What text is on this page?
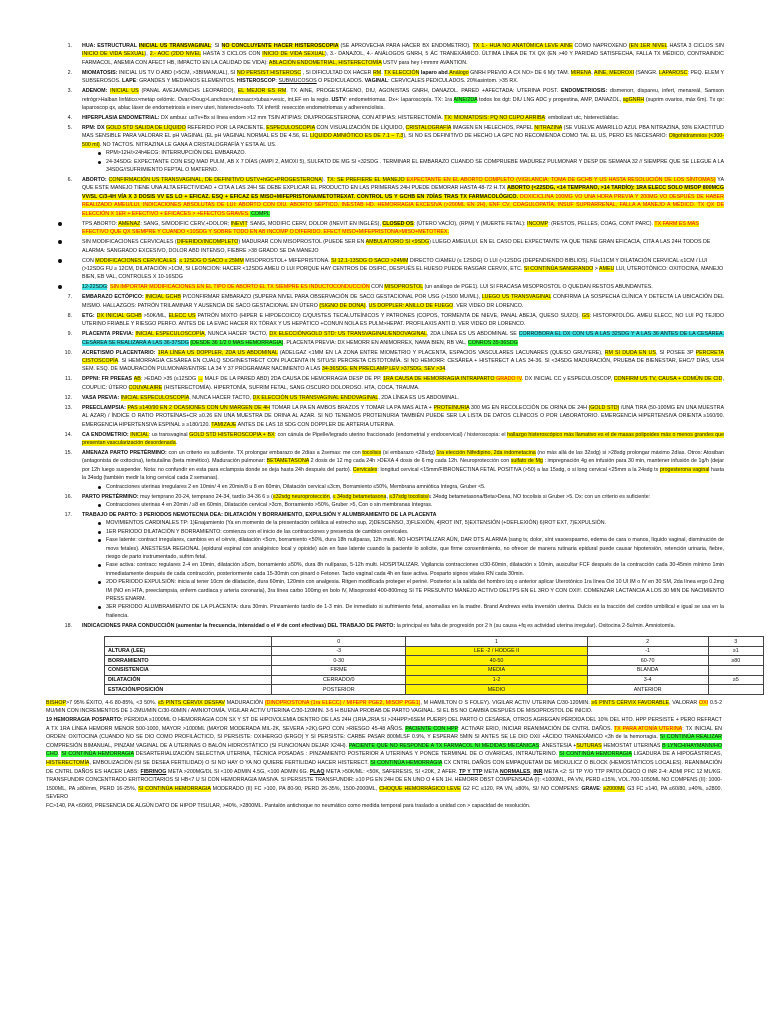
1. HUA: ESTRUCTURAL INICIAL US TRANSVAGINAL; SI NO CONCLUYENTE HACER HISTEROSCOPIA (SE APROVECHA PARA HACER BX ENDOMETRIO). TX 1.- HUA NO ANATÓMICA LEVE AINE COMO NAPROXENO (EN 1ER NIVEL HASTA 3 CICLOS SIN INICIO DE VIDA SEXUAL), 2.- AOC (2DO NIVEL HASTA 3 CICLOS CON INICIO DE VIDA SEXUAL), 3.- DANAZOL, 4.- ANÁLOGOS GNRH, 5 ÁC TRANEXÁMICO. ÚLTIMA LÍNEA DE TX QX (EN >40 Y PARIDAD SATISFECHA, FALLA TX MÉDICO, CONTRAINDIC FARMACOL, ANEMIA CON AFECT HB, IMPACTO EN LA CALIDAD DE VIDA): ABLACIÓN ENDOMETRIAL, HISTERECTOMÍA USTV para hey l-mmmr AVANTION.
2. MIOMATOSIS: INICIAL US TV O ABD (>5CM, >3BIMANUAL), SI NO PERSIST HISTEROSC , SI DIFICULTAD DX HACER RM. TX ELECCIÓN laparo abdAnálogo GNRH PREVIO A CX NO> DE 6 M)/ TAM. MIRENA, AINE, MEDROXI (SANGR. LAPAROSC: PEQ. ELEM Y SUBSEROSOS. LAPE: GRANDES Y MEDIANOS ELEMENTOS. HISTEROSCOP: SUBMUCOSOS O PEDICULADOS. VAGINAL: CERVICALES PEDICULADOS. 20%asintom. >35 RX.
3. ADENOM: INICIAL US (PANAL AVEJA/MNCHS LEOPARDO), EL MEJOR ES RM. TX AINE, PROGESTÁGENO, DIU, AGONISTAS GNRH, DANAZOL. PARED +AFECTADA: UTERINA POST. ENDOMETRIOSIS: dismenorr, dispareu, infert, menareál, Samson retrógr>Halban linfático>metap celómic. Ovar>Doug>Lanchos>uterosacr>tubas>vesic, int,EF en la regio. USTV: endometriomas. Dx+: laparoscopía. TX: 1ra AINE/2DA todos los dgt: DIU LNG ADC y progestina, AMP, DANAZOL, agGNRH (suprim ovarios, máx 6m). Tx qx: laparoscop qx, ablac láser de endometriosis e inerv uteri, histerecto+oofo. TX infertil: resección endometriomas y adherenciolisis.
4. HIPERPLASIA ENDOMETRIAL: DX ambuu: usTv+Bx si línea endom >12 mm TSIN ATIPIAS: DIU/PROGESTERONA, CON ATIPIAS: HISTERECTOMÍA. TX: MIOMATOSIS: PQ NO CUPO ARRIBA: embolizart utc, histerect/ablac.
5. RPM: DX GOLD STD SALIDA DE LÍQUIDO REFERIDO POR LA PACIENTE, ESPECULOSCOPIA CON VISUALIZACIÓN DE LÍQUIDO, CRISTALOGRAFÍA IMAGEN EN HELECHOS, PAPEL NITRAZINA (SE VUELVE AMARILLO AZUL PBA NITRAZINA, 93% EXACTITUD MAS SENSIBLE PARA VALORAR EL pH VAGINAL (EL pH VAGINAL NORMAL ES DE 4.56, EL LÍQUIDO AMNIÓTICO ES DE 7.1 – 7.3), SI NO ES DEFINITIVO DE HECHO LA GPC NO RECOMIENDA COMO TAL EL US, PERO ES NECESARIO: Oligohidramnios (<300-500 ml). NO TACTOS. NITRAZINA LE GANA A CRISTALOGRAFÍA Y ESTA AL US.
RPM>12H/>24h4ECG: INTERRUPCIÓN DEL EMBARAZO.
24-34SDG: EXPECTANTE CON ESQ MAD PULM, AB X 7 DÍAS (AMPI 2, AMOXI 5), SULFATO DE MG SI <32SDG . TERMINAR EL EMBARAZO CUANDO SE COMPRUEBE MADUREZ PULMONAR Y DESP DE SEMANA 32 // SIEMPRE QUE SE LLEGUE A LA 34SDG//SUFRIMIENTO FEPTAL O MATERNO.
6. ABORTO: CONFIRMACIÓN US TRANSVAGINAL, DE DEFINITIVO USTV+hGC+PROGESTERONA). TX: SE PREFIERE EL MANEJO EXPECTANTE EN EL ABORTO COMPLETO (VIGILANCIA: TOMA DE GCHB Y US HASTA RESOLUCIÓN DE LOS SÍNTOMAS) YA QUE ESTE MANEJO TIENE UNA ALTA EFECTIVIDAD + CITA A LAS 24H SE DEBE EXPLICAR EL PRODUCTO EN LAS PRIMERAS 24H PUEDE DEMORAR HASTA 48-72 H.TX ABORTO (<22SDG, <14 TEMPRANO, >14 TARDÍO): 1RA ELECC SOLO MISOP 800MCG VV/SL C/3-4H VÍA X 3 DOSIS VV ES LO + EFICAZ. ESQ + EFICAZ ES MISO+MIFEPRISTONA/METOTREXAT. CONTROL US Y GCHB EN 7DÍAS TRAS TX FARMACOLÓGICO. DOXICICLINA 100MG VO UNA HORA PREVIA Y 200MG VO DESPUÉS DE HABER REALIZADO AMEU/LUI. INDICACIONES ABSOLUTAS DE LUI: ABORTO CON DIU. ABORTO SÉPTICO, INESTAB HD. HEMORRAGIA EXCESIVA (>200ML EN 2H), ENF CV, COAGULOPATÍA, INSUF SUPRARRENAL, FALLA A MANEJO A MÉDICO. TX QX DE ELECCIÓN X 1ER + EFECTIVO + EFICACES > +EFECTOS GRAVES. COMPL
TPS ABORTO: AMENAZ: SANG, S/MODIFIC CERV,+DOLOR; INEVIT: SANG, MODIFIC CERV, DOLOR (INEVIT EN INGLÉS), CLOSED OS: (ÚTERO VACÍO), (RPM) Y (MUERTE FETAL): INCOMP: (RESTOS, PELLES, COAG, CONT PARC). TX FARM ES MAS EFECTIVO QUE QX SIEMPRE Y CUANDO <10SDG Y SOBRE TODO EN AB INCOMP O DIFERIDO. EFECT MISO+MIFEPRISTONA>MISO+METOTREX.
SIN MODIFICACIONES CERVICALES (DIFERIDO/INCOMPLETO) MADURAR CON MISOPROSTOL (PUEDE SER EN AMBULATORIO SI <9SDG) LUEGO AMEU/LUI. EN EL CASO DEL EXPECTANTE YA QUE TIENE GRAN EFICACIA, CITA A LAS 24H TODOS DE ALARMA: SANGRADO EXCESIVO, DOLOR ABD INTENSO, FIEBRE >38 GRADO SE DA MANEJO
CON MODIFICACIONES CERVICALES: ≤ 12SDG O SACO ≤ 25MM MISOPROSTOL+ MIFEPRISTONA. SI 12.1-13SDG O SACO >24MM DIRECTO C/AMEU (≤ 12SDG) O LUI (>12SDG (DEPENDIENDO BIBLIOS). FU≤11CM Y DILATACIÓN CERVICAL ≤1CM / LUI (>12SDG FU ≥ 12CM, DILATACIÓN >1CM, SI LEONCION: HACER <12SDG AMEU O LUI PORQUE HAY CENTROS DE OSIFIC, DESPUÉS EL HUESO PUEDE RASGAR CERVIX, ETC. SI CONTINÚA SANGRANDO > AMEU LUI, UTEROTÓNICO: OXITOCINA, MANEJO BIEN, EB VAL, CONTROLES X 10-16SDG
12-22SDG: SIN IMPORTAR MODIFICACIONES EN EL TIPO DE ABORTO EL TX SIEMPRE ES INDUCTOCONDUCCIÓN CON MISOPROSTOL (un análogo de PGE1). LUI SI FRACASA MISOPROSTOL O QUEDAN RESTOS ABUNDANTES.
7. EMBARAZO ECTÓPICO: INICIAL GCHB P/CONFIRMAR EMBARAZO (SUPERA NIVEL PARA OBSERVACIÓN DE SACO GESTACIONAL POR USG (>1500 MU/ML), LUEGO US TRANSVAGINAL CONFIRMA LA SOSPECHA CLÍNICA Y DETECTA LA UBICACIÓN DEL MISMO. HALLAZGOS: PATRÓN TRILAMINAR Y AUSENCIA DE SACO GESTACIONAL EN ÚTERO (SIGNO DE DONA). US DOPPLER: ANILLO DE FUEGO. VER VIDEO DR LORENCO.
8. ETG: DX INICIAL GCHB >50K/ML, ELECC US PATRÓN MIXTO (HIPER E HIPOECOICO) C/QUISTES TECALUTEÍNICOS Y PATRONES (COPOS, TORMENTA DE NIEVE, PANAL ABEJA, QUESO SUIZO). GS: HISTOPATOLÓG. AMEU ELECC, NO LUI PQ TEJIDO UTERINO FRIABLE Y RIESGO PERFO. ANTES DE LA EVAC HACER RX TÓRAX Y US HEPÁTICO +CONUN NOLA ES PULM>HEPAT. PROFILAXIS ANTI D. VER VIDEO DR LORENCO.
9. PLACENTA PREVIA: INICIAL ESPECULOSCOPÍA, NUNCA HACER TACTO, DX ELECCIÓN/GOLD STD: US TRANSVAGINAL/ENDOVAGINAL, 2DA LÍNEA ES US ABDOMINAL SE CORROBORA EL DX CON US A LAS 32SDG Y A LAS 36 ANTES DE LA CESÁREA. CESÁREA SE REALIZARÁ A LAS 36-37SDG (DESDE 36 1/2 0 MAS HEMORRAGIA). PLACENTA PREVIA: DX HEMORR EN ANIMORREX, NAMA BIEN, RB VAL, CONROS 35-36SDG
10. ACRETISMO PLACENTARIO: 1RA LÍNEA US DOPPLER, 2DA US ABDOMINAL (ADELGAZ <1MM EN LA ZONA ENTRE MIOMETRIO Y PLACENTA, ESPACIOS VASCULARES LACUNARES (QUESO GRUYERE), RM SI DUDA EN US, SI POSEE 3P PERCRETA CISTOSCOPÍA. SI HEMORRAGIA CESÁREA EN CUALQ SDG/INESTRECT CON PLACENTA IN SITU/SI PERCRETA CISTOTOMÍA. SI NO HEMORR: CESÁREA + HISTERECT A LAS 34-36. SI <34SDG MADURACIÓN, PRUEBA DE BIENESTAR, EHC/7 DÍAS, US/4 SEM. ESQ. DE MADURACIÓN PULMONAR/ENTRE LA 34 Y 37 PROGRAMAR NACIMIENTO A LAS 34-36SDG. EN PRECLAMP LEV >37SDG, SEV >34.
11. DPPNI: FR PREEAS AB: >EDAD >35 (≤12SDG → MALF DE LA PARED ABD) 2DA CAUSA DE HEMORRAGIA DESP DE PP. 1RA CAUSA DE HEMORRAGIA INTRAPARTO GRADO IV. DX INICIAL CC y ESPECULOSCOP, CONFIRM US TV, CAUSA + COMÚN DE CID, COUPLIC: ÚTERO COUVALAIRE (HISTERECTOMÍA). HIPERTONÍA, SUFRIM FETAL, SANG OSCURO DOLOROSO. HTA, COCA, TRAUMA.
12. VASA PREVIA: INICIAL ESPECULOSCOPÍA, NUNCA HACER TACTO, DX ELECCIÓN US TRANSVAGINAL ENDOVAGINAL, 2DA LÍNEA ES US ABDOMINAL.
13. PREECLAMPSIA: PAS ≥140/90 EN 2 OCASIONES CON UN MARGEN DE 4H TOMAR LA PA EN AMBOS BRAZOS Y TOMAR LA PA MAS ALTA + PROTEINURIA 300 MG EN RECOLECCIÓN DE ORINA DE 24H (GOLD STD) /UNA TIRA (50-100MG EN UNA MUESTRA AL AZAR) / ÍNDICE O RATIO PROTEÍNAS+CR ≥0.26 EN UNA MUESTRA DE ORINA AL AZAR. SI NO TENEMOS PROTEINURIA TAMBIÉN PUEDE SER LA LISTA DE DATOS CLÍNICOS O POR LABORATORIO. EMERGENCIA HIPERTENSIVA ORIENTA ≥160/90. EMERGENCIA HIPERTENSIVA ESPINAL ≥ ≥180/120. TAMIZAJE ANTES DE LAS 18 SDG CON DOPPLER DE ARTERIA UTERINA.
14. CA ENDOMETRIO: INICIAL: us transvaginal GOLD STD HISTEROSCOPIA + BX: con cánula de Pipelle/legrado uterino fraccionado (endometrial y endocervical) / histeroscopia: el hallazgo histeroscópico más llamativo es el de masas polipoides más o menos grandes que presentan vascularización desordenada.
15. AMENAZA PARTO PRETÉRMINO: con un criterio es suficiente. TX prolongar embarazo de 2días a 2semas: me con tocolisis (si embarazo <28sdg) 1ra elección Nifedipino, 2da indometacina (no más allá de las 32sdg) si >28sdg prolongar máximo 2días. Otros: Atosiban (antagonista de oxitocina), terbutalina (beta mimético). Maduración pulmonar: BETAMETASONA 2 dosis de 12 mg cada 24h >DEXA 4 dosis de 6 mg cada 12h. Neuroprotección con sulfato de Mg : impregnación 4g en infusión para 30 min, mantener infusión de 1g/h (dejar por 12h luego suspender. Nota: no confundir en esta para eclampsia donde se deja hasta 24h después del parto). Cervicales: longitud cervical <15mm/FIBRONECTINA FETAL POSITIVA (>50) a las 15sdg, o si long cervical <25mm a la 24sdg tx progesterona vaginal hasta la 34sdg (también medir la long cervical cada 2 semanas).
Contracciones uterinas irregulares 2 en 10min/ 4 en 20min/8 u 8 en 60min, Dilatación cervical ≤3cm, Borramiento ≤50%, Membrana amniótica íntegra, Gruber <5.
16. PARTO PRETÉRMINO: muy temprano 20-24, temprano 24-34, tardío 34-36 6 ≥ (≤32sdg neuroprotección, ≤ 34sdg betametasona, ≤37sdg tocolisis/≤ 34sdg betametasona/Beta>Dexa, NO tocolisis si Gruber >5. Dx: con un criterio es suficiente:
Contracciones uterinas 4 en 20min / ≥8 en 60min, Dilatación cervical >3cm, Borramiento >50%, Gruber >5, Con o sin membranas íntegras.
17. TRABAJO DE PARTO: 3 PERIODOS NEMOTECNIA DEA: DILATACIÓN Y BORRAMIENTO, EXPULSIÓN Y ALUMBRAMIENTO DE LA PLACENTA
MOVIMIENTOS CARDINALES TP: 1)Enajamiento (Ya en momento de la presentación cefálica al estrecho sup, 2)DESCENSO, 3)FLEXIÓN, 4)ROT INT, 5)EXTENSIÓN (+DEFLEXIÓN) 6)ROT EXT, 7)EXPULSIÓN.
1ER PERIODO DILATACIÓN Y BORRAMIENTO: comienza con el inicio de las contracciones y presencia de cambios cervicales.
Fase latente: contract irregulares, cambios en el cérvix, dilatación <5cm, borramiento <50%, dura 18h nulíparas, 12h multi. NO HOSPITALIZAR AÚN, DAR DTS ALARMA (sang tv, dolor, sínt vasoespasmo, edema de cara o manos, líquido vaginal, disminución de movs fetales). ANESTESIA REGIONAL (epidural espinal con analgésico local y opioide) aún en fase latente cuando la paciente lo solicite, que firme consentimiento, no ofrecer de manera rutinaria epidural puede causar hipotensión, retención urinaria, fiebre, riesgo de parto instrumentado, sufrim fetal.
Fase activa: contracc regulares 2-4 en 10min, dilatación ≥5cm, borramiento ≥50%, dura 8h nulíparas, 5-12h multi. HOSPITALIZAR. Vigilancia contracciones c/30-60min, dilatación x 10min, auscultar FCF después de la contracción cada 30-45min mínimo 1min inmediatamente después de cada contracción, posteriormente cada 15-30min con pinard o Fetoner. Tacto vaginal cada 4h en fase activa. Posparto signos vitales RN cada 30min.
2DO PERIODO EXPULSIÓN: inicia al tener 10cm de dilatación, dura 60min, 120min con analgesia. Ritgen modificada proteger el periné. Posterior a la salida del hombro izq o anterior aplicar Uterotónico 1ra línea Oxi 10 UI IM o IV en 30 SM, 2da línea ergo 0.2mg IM (NO en HTA, preeclampsia, enferm cardiaca y arteria coronaria), 3ra línea carbo 100mg en bolo IV, Misoprostol 400-800mcg SI TE PRESUNTO MANEJO ACTIVO DELTPS EN EL 3RO Y CON OXI!!. COMENZAR LACTANCIA A LOS 30 MIN DE NACIMIENTO PRESS ENARM.
3ER PERIODO ALUMBRAMIENTO DE LA PLACENTA: dura 30min. Pinzamiento tardío de 1-3 min. De inmediato si sufrimiento fetal, anomalías en la madre. Brand Andrews evita inversión uterina. Dulcis es la tracción del cordón umbilical e igual se usa en la frailencia.
18. INDICACIONES PARA CONDUCCIÓN (aumentar la frecuencia, intensidad o el # de cont efectivas) DEL TRABAJO DE PARTO: la principal es falta de progresión por 2 h (su causa +fq es actividad uterina irregular). Oxitocina 2-5u/min. Amniotomía.
	0	1	2	3
ALTURA (LEE)	-3	LEE -2 / HODGE II	-1	≥1
BORRAMIENTO	0-30	40-50	60-70	≥80
CONSISTENCIA	FIRME	MEDIA	BLANDA	
DILATACIÓN	CERRADO/0	1-2	3-4	≥5
ESTACIÓN/POSICIÓN	POSTERIOR	MEDIO	ANTERIOR	
BISHOP>7 95% ÉXITO, 4-6 80-85%, <3 50%. ≤5 PINTS CÉRVIX DESFAV MADURACIÓN (DINOPROSTONA (1ra ELECC) / MIFEPR PGE2, MISOP PGE1), M HAMILTON O S FOLEY). VIGILAR ACTIV UTERINA C/30-120MIN. ≥6 PINTS CÉRVIX FAVORABLE, VALORAR OXI 0.5-2 MU/MIN CON INCREMENTOS DE 1-2MU/MIN C/30-60MIN / AMNIOTOMÍA. VIGILAR ACTIV UTERINA C/30-120MIN. 3-5 H BUENA PROBAB DE PARTO VAGINAL. SI EL BS NO CAMBIA DESPUÉS DE MISOPROSTOL DE INICIO.
19 HEMORRAGIA POSPARTO: PÉRDIDA ≥1000ML O HEMORRAGIA CON SX Y ST DE HIPOVOLEMIA DENTRO DE LAS 24H (1RIA,2RIA SI >24HPP>6SEM PUERP) DEL PARTO O CESÁREA, OTROS AGREGAN PÉRDIDA DEL 10% DEL HTO. HPP PERSISTE + PERO REFRACT A TX 1RA LÍNEA HEMORR MENOR 500-1000, MAYOR >1000ML (MAYOR MODERADA MIL-2K, SEVERA >2K).GPO CON >RIESGO 45-48 AÑOS. PACIENTE CON HPP: ACTIVAR ERIO, INICIAR REANIMACIÓN DE CNTRL DAÑOS. TX PARA ATONÍA UTERINA: TX INICIAL EN ORDEN: OXITOCINA (CUANDO NO SE DIO COMO PROFILÁCTICO, SI PERSISTE: OXIHERGO (ERGO) Y SI PERSISTE: CARBE PASAR 800MLSF 0.9%, Y ESPERAR 5MIN SI ANTES SE LE DIO OXI/ +ÁCIDO TRANEXÁMICO <3h de la hemorragia. SI CONTINÚA REALIZAR COMPRESIÓN BIMANUAL, PINZAM VAGINAL DE A UTERINAS O BALÓN HIDROSTÁTICO (SI FUNCIONAN DEJAR X24H). PACIENTE QUE NO RESPONDE A TX FARMACOL NI MEDIDAS MECÁNICAS: ANESTESIA +SUTURAS HEMOSTAT UTERINAS B LYNCH/HAYMANN/HO CHO. SI CONTINÚA HEMORRAGIA DESARTERIALIZACIÓN SELECTIVA UTERINA, TÉCNICA POSADAS : PINZAMIENTO POSTERIOR A UTERINAS Y PONCE TERMINAL DE O OVÁRICAS, INTRAUTERINO. SI CONTINÚA HEMORRAGIA LIGADURA DE A HIPOGÁSTRICAS, HISTERECTOMÍA, EMBOLIZACIÓN (SI SE DESEA FERTILIDAD) O SI NO HAY O YA NO QUIERE FERTILIDAD HACER HISTERECT. SI CONTINÚA HEMORRAGIA CX CNTRL DAÑOS CON EMPAQUETAM DE MICKULICZ O BLOCK (HEMOSTÁTICOS LOCALES). REANIMACIÓN DE CNTRL DAÑOS ES HACER LABS: FIBRINOG META >200MG/DL SI <100 ADMIN 4.5G, <100 ADMIN 6G. PLAQ META >50K/ML: <50K, SAFERESIS, SI <20K, 2 AFER. TP Y TTP META NORMALES, INR META <2: SI TP Y/O TTP PATOLÓGICO O INR 2-4: ADMI PFC 12 ML/KG. TRANSFUNDIR CONCENTRADO ERITROCITARIOS SI HB<7 U SI CON HEMORRAGIA MASIVA. SI PERSISTE TRANSFUNDIR: ≥10 PG EN 24H DE EN UNO O 4 EN 1H. HEMORR OBST COMPENSADA (I): <1000ML, PA VN, PERD ≤15%, VOL.700-1050ML NO COMPENS (II): 1000-1500ML, PA ≥80/mm, PERD 16-25%, SI CONTINÚA HEMORRAGIA MODERADO (II) FC >100, PA 80-90, PERD 26-35%, 1500-2000ML, CHOQUE HEMORRÁGICO LEVE G2 FC ≤120, PA VN, ≥80%, SI/ NO COMPENS: GRAVE: ≥2000ML G3 FC ≥140, PA ≤60/80, ≥40%, ≥2800. SEVERO
FC>140, PA <60/60, PRESENCIA DE ALGÚN DATO DE HIPOP TISULAR, >40%, >2800ML. Pantalón antichoque no neumático como medida temporal para traslado a unidad con > capacidad de resolución.
